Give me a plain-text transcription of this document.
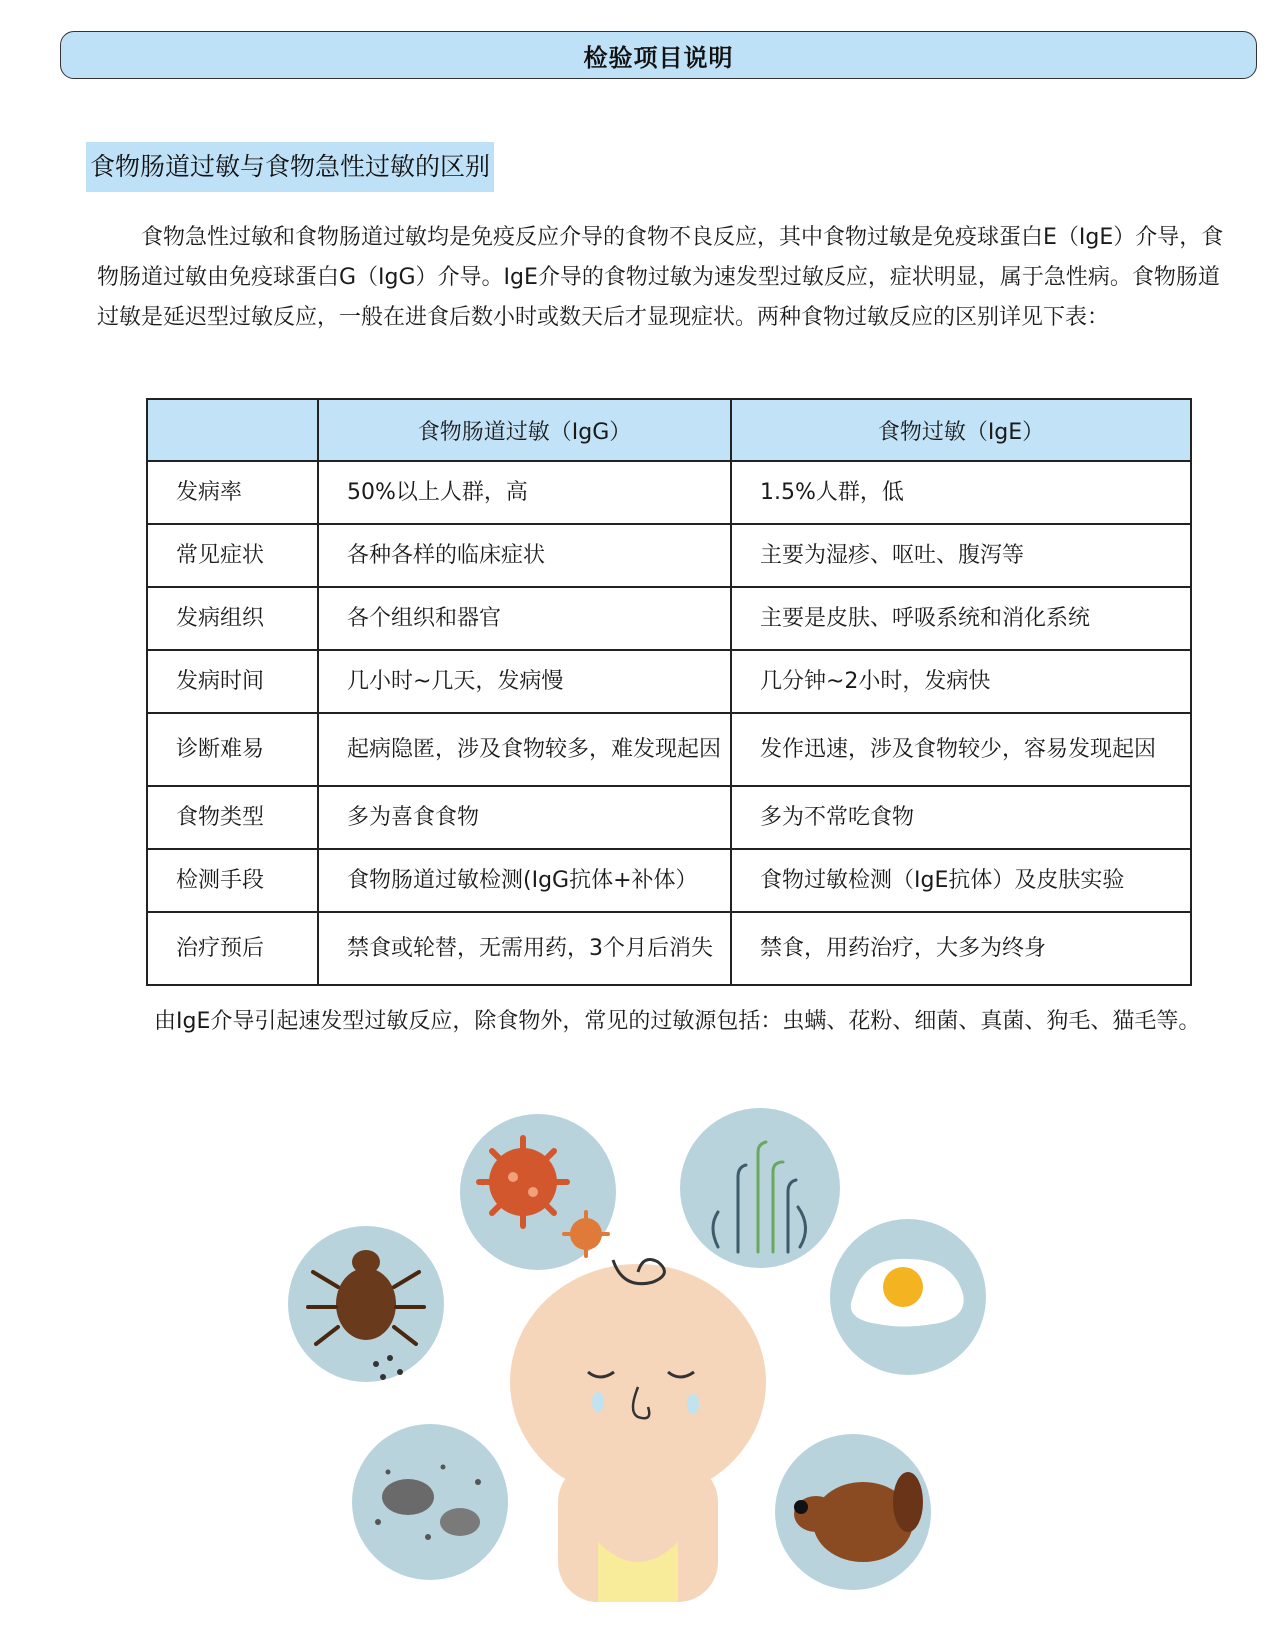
检验项目说明
食物肠道过敏与食物急性过敏的区别

食物急性过敏和食物肠道过敏均是免疫反应介导的食物不良反应，其中食物过敏是免疫球蛋白E（IgE）介导，食物肠道过敏由免疫球蛋白G（IgG）介导。IgE介导的食物过敏为速发型过敏反应，症状明显，属于急性病。食物肠道过敏是延迟型过敏反应，一般在进食后数小时或数天后才显现症状。两种食物过敏反应的区别详见下表：

	食物肠道过敏（IgG）	食物过敏（IgE）
发病率	50%以上人群，高	1.5%人群，低
常见症状	各种各样的临床症状	主要为湿疹、呕吐、腹泻等
发病组织	各个组织和器官	主要是皮肤、呼吸系统和消化系统
发病时间	几小时~几天，发病慢	几分钟~2小时，发病快
诊断难易	起病隐匿，涉及食物较多，难发现起因	发作迅速，涉及食物较少，容易发现起因
食物类型	多为喜食食物	多为不常吃食物
检测手段	食物肠道过敏检测(IgG抗体+补体）	食物过敏检测（IgE抗体）及皮肤实验
治疗预后	禁食或轮替，无需用药，3个月后消失	禁食，用药治疗，大多为终身

由IgE介导引起速发型过敏反应，除食物外，常见的过敏源包括：虫螨、花粉、细菌、真菌、狗毛、猫毛等。
